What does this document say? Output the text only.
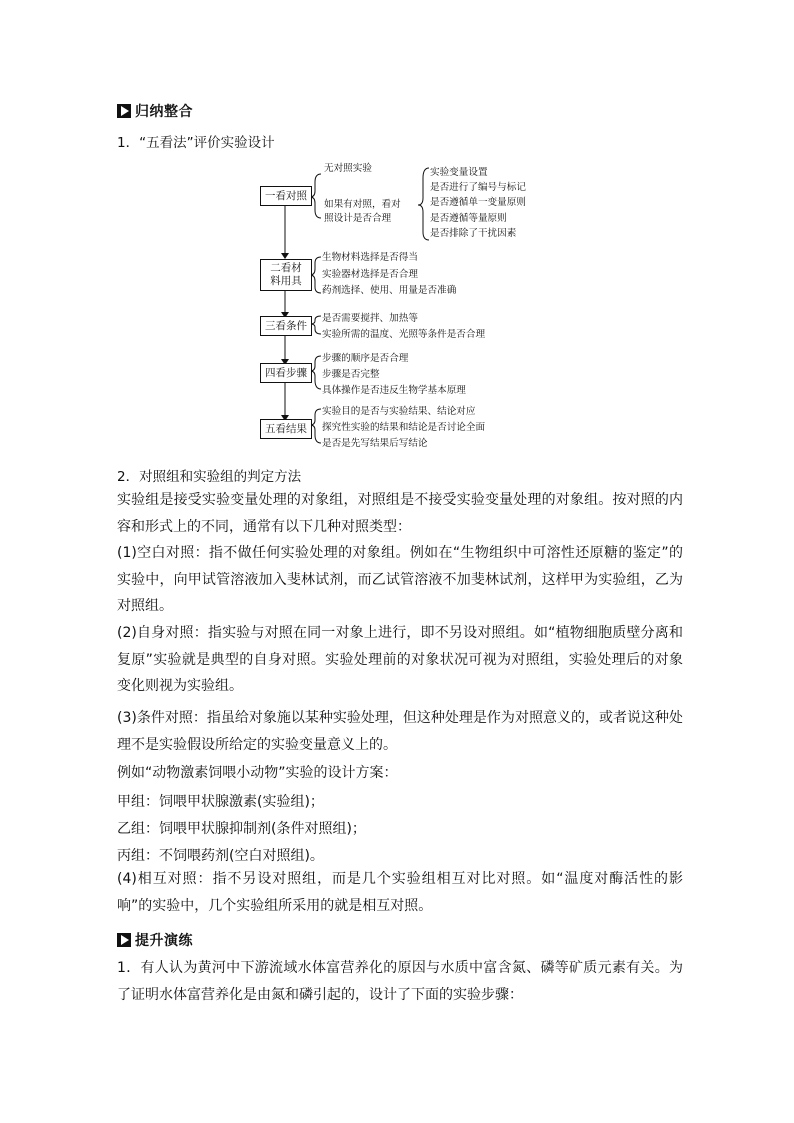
归纳整合
1．“五看法”评价实验设计
一看对照
二看材
料用具
三看条件
四看步骤
五看结果
无对照实验
如果有对照，看对
照设计是否合理
实验变量设置
是否进行了编号与标记
是否遵循单一变量原则
是否遵循等量原则
是否排除了干扰因素
生物材料选择是否得当
实验器材选择是否合理
药剂选择、使用、用量是否准确
是否需要搅拌、加热等
实验所需的温度、光照等条件是否合理
步骤的顺序是否合理
步骤是否完整
具体操作是否违反生物学基本原理
实验目的是否与实验结果、结论对应
探究性实验的结果和结论是否讨论全面
是否是先写结果后写结论
2．对照组和实验组的判定方法
实验组是接受实验变量处理的对象组，对照组是不接受实验变量处理的对象组。按对照的内容和形式上的不同，通常有以下几种对照类型：
(1)空白对照：指不做任何实验处理的对象组。例如在“生物组织中可溶性还原糖的鉴定”的实验中，向甲试管溶液加入斐林试剂，而乙试管溶液不加斐林试剂，这样甲为实验组，乙为对照组。
(2)自身对照：指实验与对照在同一对象上进行，即不另设对照组。如“植物细胞质壁分离和复原”实验就是典型的自身对照。实验处理前的对象状况可视为对照组，实验处理后的对象变化则视为实验组。
(3)条件对照：指虽给对象施以某种实验处理，但这种处理是作为对照意义的，或者说这种处理不是实验假设所给定的实验变量意义上的。
例如“动物激素饲喂小动物”实验的设计方案：
甲组：饲喂甲状腺激素(实验组)；
乙组：饲喂甲状腺抑制剂(条件对照组)；
丙组：不饲喂药剂(空白对照组)。
(4)相互对照：指不另设对照组，而是几个实验组相互对比对照。如“温度对酶活性的影响”的实验中，几个实验组所采用的就是相互对照。
提升演练
1．有人认为黄河中下游流域水体富营养化的原因与水质中富含氮、磷等矿质元素有关。为了证明水体富营养化是由氮和磷引起的，设计了下面的实验步骤：
